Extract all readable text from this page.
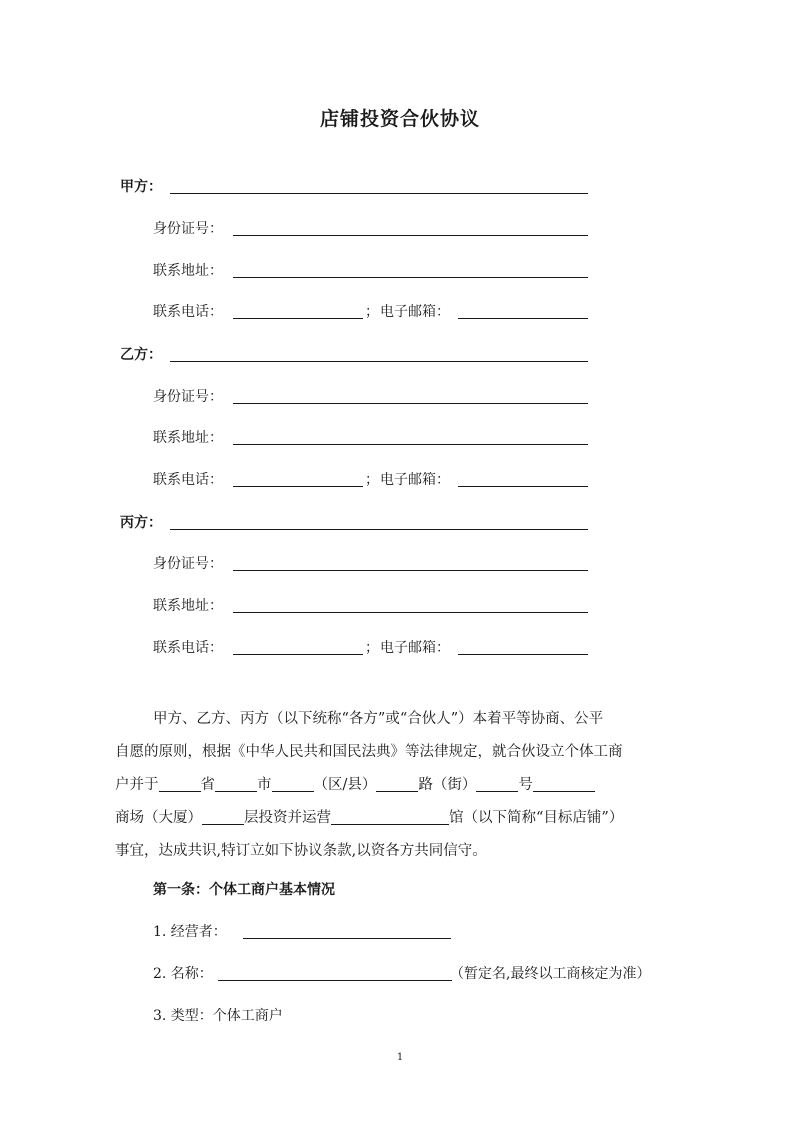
店铺投资合伙协议
甲方：
身份证号：
联系地址：
联系电话：	； 电子邮箱：
乙方：
身份证号：
联系地址：
联系电话：	； 电子邮箱：
丙方：
身份证号：
联系地址：
联系电话：	； 电子邮箱：
甲方、乙方、丙方（以下统称“各方”或“合伙人”）本着平等协商、公平
自愿的原则，根据《中华人民共和国民法典》等法律规定，就合伙设立个体工商
户并于	省	市	（区/县）	路（街）	号
商场（大厦）	层投资并运营	馆（以下简称“目标店铺”）
事宜，达成共识,特订立如下协议条款,以资各方共同信守。
第一条：个体工商户基本情况
1. 经营者：
2. 名称：	（暂定名,最终以工商核定为准）
3. 类型：个体工商户
1
